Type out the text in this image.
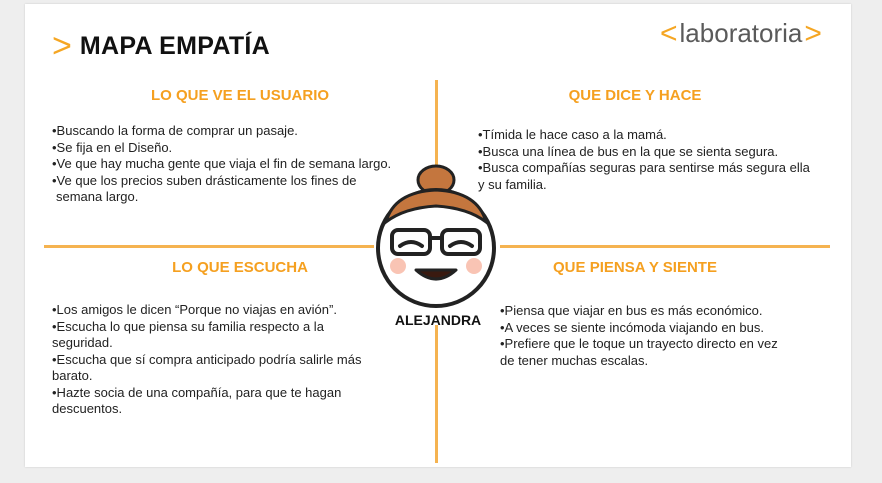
> MAPA EMPATÍA	< laboratoria >
LO QUE VE EL USUARIO
•Buscando la forma de comprar un pasaje.
•Se fija en el Diseño.
•Ve que hay mucha gente que viaja el fin de semana largo.
•Ve que los precios suben drásticamente los fines de
semana largo.
QUE DICE Y HACE
•Tímida le hace caso a la mamá.
•Busca una línea de bus en la que se sienta segura.
•Busca compañías seguras para sentirse más segura ella
y su familia.
LO QUE ESCUCHA
•Los amigos le dicen “Porque no viajas en avión”.
•Escucha lo que piensa su familia respecto a la
seguridad.
•Escucha que sí compra anticipado podría salirle más
barato.
•Hazte socia de una compañía, para que te hagan
descuentos.
QUE PIENSA Y SIENTE
•Piensa que viajar en bus es más económico.
•A veces se siente incómoda viajando en bus.
•Prefiere que le toque un trayecto directo en vez
de tener muchas escalas.
ALEJANDRA
